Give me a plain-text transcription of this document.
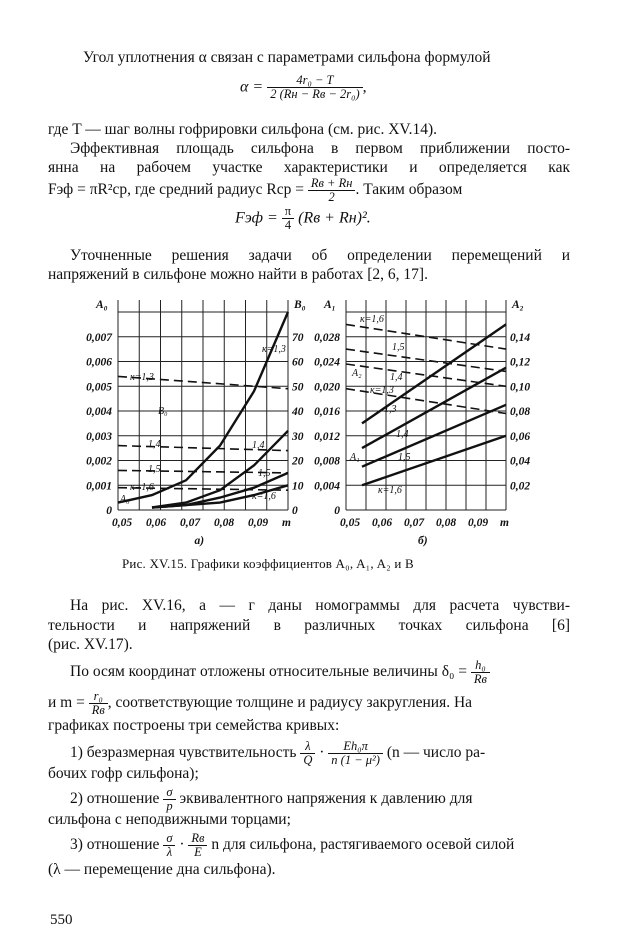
Угол уплотнения α связан с параметрами сильфона формулой
$\alpha = \frac{\text{4r₀ − T}}{\text{2 (Rн − Rв − 2r₀)}}$ ,
где T — шаг волны гофрировки сильфона (см. рис. XV.14).
Эффективная площадь сильфона в первом приближении посто-
янна на рабочем участке характеристики и определяется как
Fэф = πR²ср, где средний радиус Rср = $\frac{Rв + Rн}{2}$ . Таким образом
Fэф = $\frac{\pi}{4} (Rв + Rн)^2$.
Уточненные решения задачи об определении перемещений и
напряжений в сильфоне можно найти в работах [2, 6, 17].
0,05 0,06 0,07 0,08 0,09 m
а)
0
0,001
0,002
0,003
0,004
0,005
0,006
0,007
A₀
0
10
20
30
40
50
60
70
B₀
к=1,3
к=1,3
1,4
1,4
1,5
1,5
к=1,6
к=1,6
B₀
A₀
0,05 0,06 0,07 0,08 0,09 m
б)
0
0,004
0,008
0,012
0,016
0,020
0,024
0,028
A₁
0,02
0,04
0,06
0,08
0,10
0,12
0,14
A₂
к=1,6
1,5
1,4
к=1,3
1,3
1,4
1,5
к=1,6
A₂
A₁
Рис. XV.15. Графики коэффициентов A₀, A₁, A₂ и B
На рис. XV.16, а — г даны номограммы для расчета чувстви-
тельности и напряжений в различных точках сильфона [6]
(рис. XV.17).
По осям координат отложены относительные величины $\delta_0 = \frac{\text{h₀}}{Rв}$
и $m = \frac{\text{r₀}}{Rв}$ , соответствующие толщине и радиусу закругления. На
графиках построены три семейства кривых:
1) безразмерная чувствительность $\frac{\lambda}{Q} \cdot \frac{\text{Eh₀π}}{\text{n (1 − μ²)}} (n$ — число ра-
бочих гофр сильфона);
2) отношение $\frac{\sigma}{p}$ эквивалентного напряжения к давлению для
сильфона с неподвижными торцами;
3) отношение $\frac{\sigma}{\lambda} \cdot \frac{Rв}{E}$ n для сильфона, растягиваемого осевой силой
(λ — перемещение дна сильфона).
550
